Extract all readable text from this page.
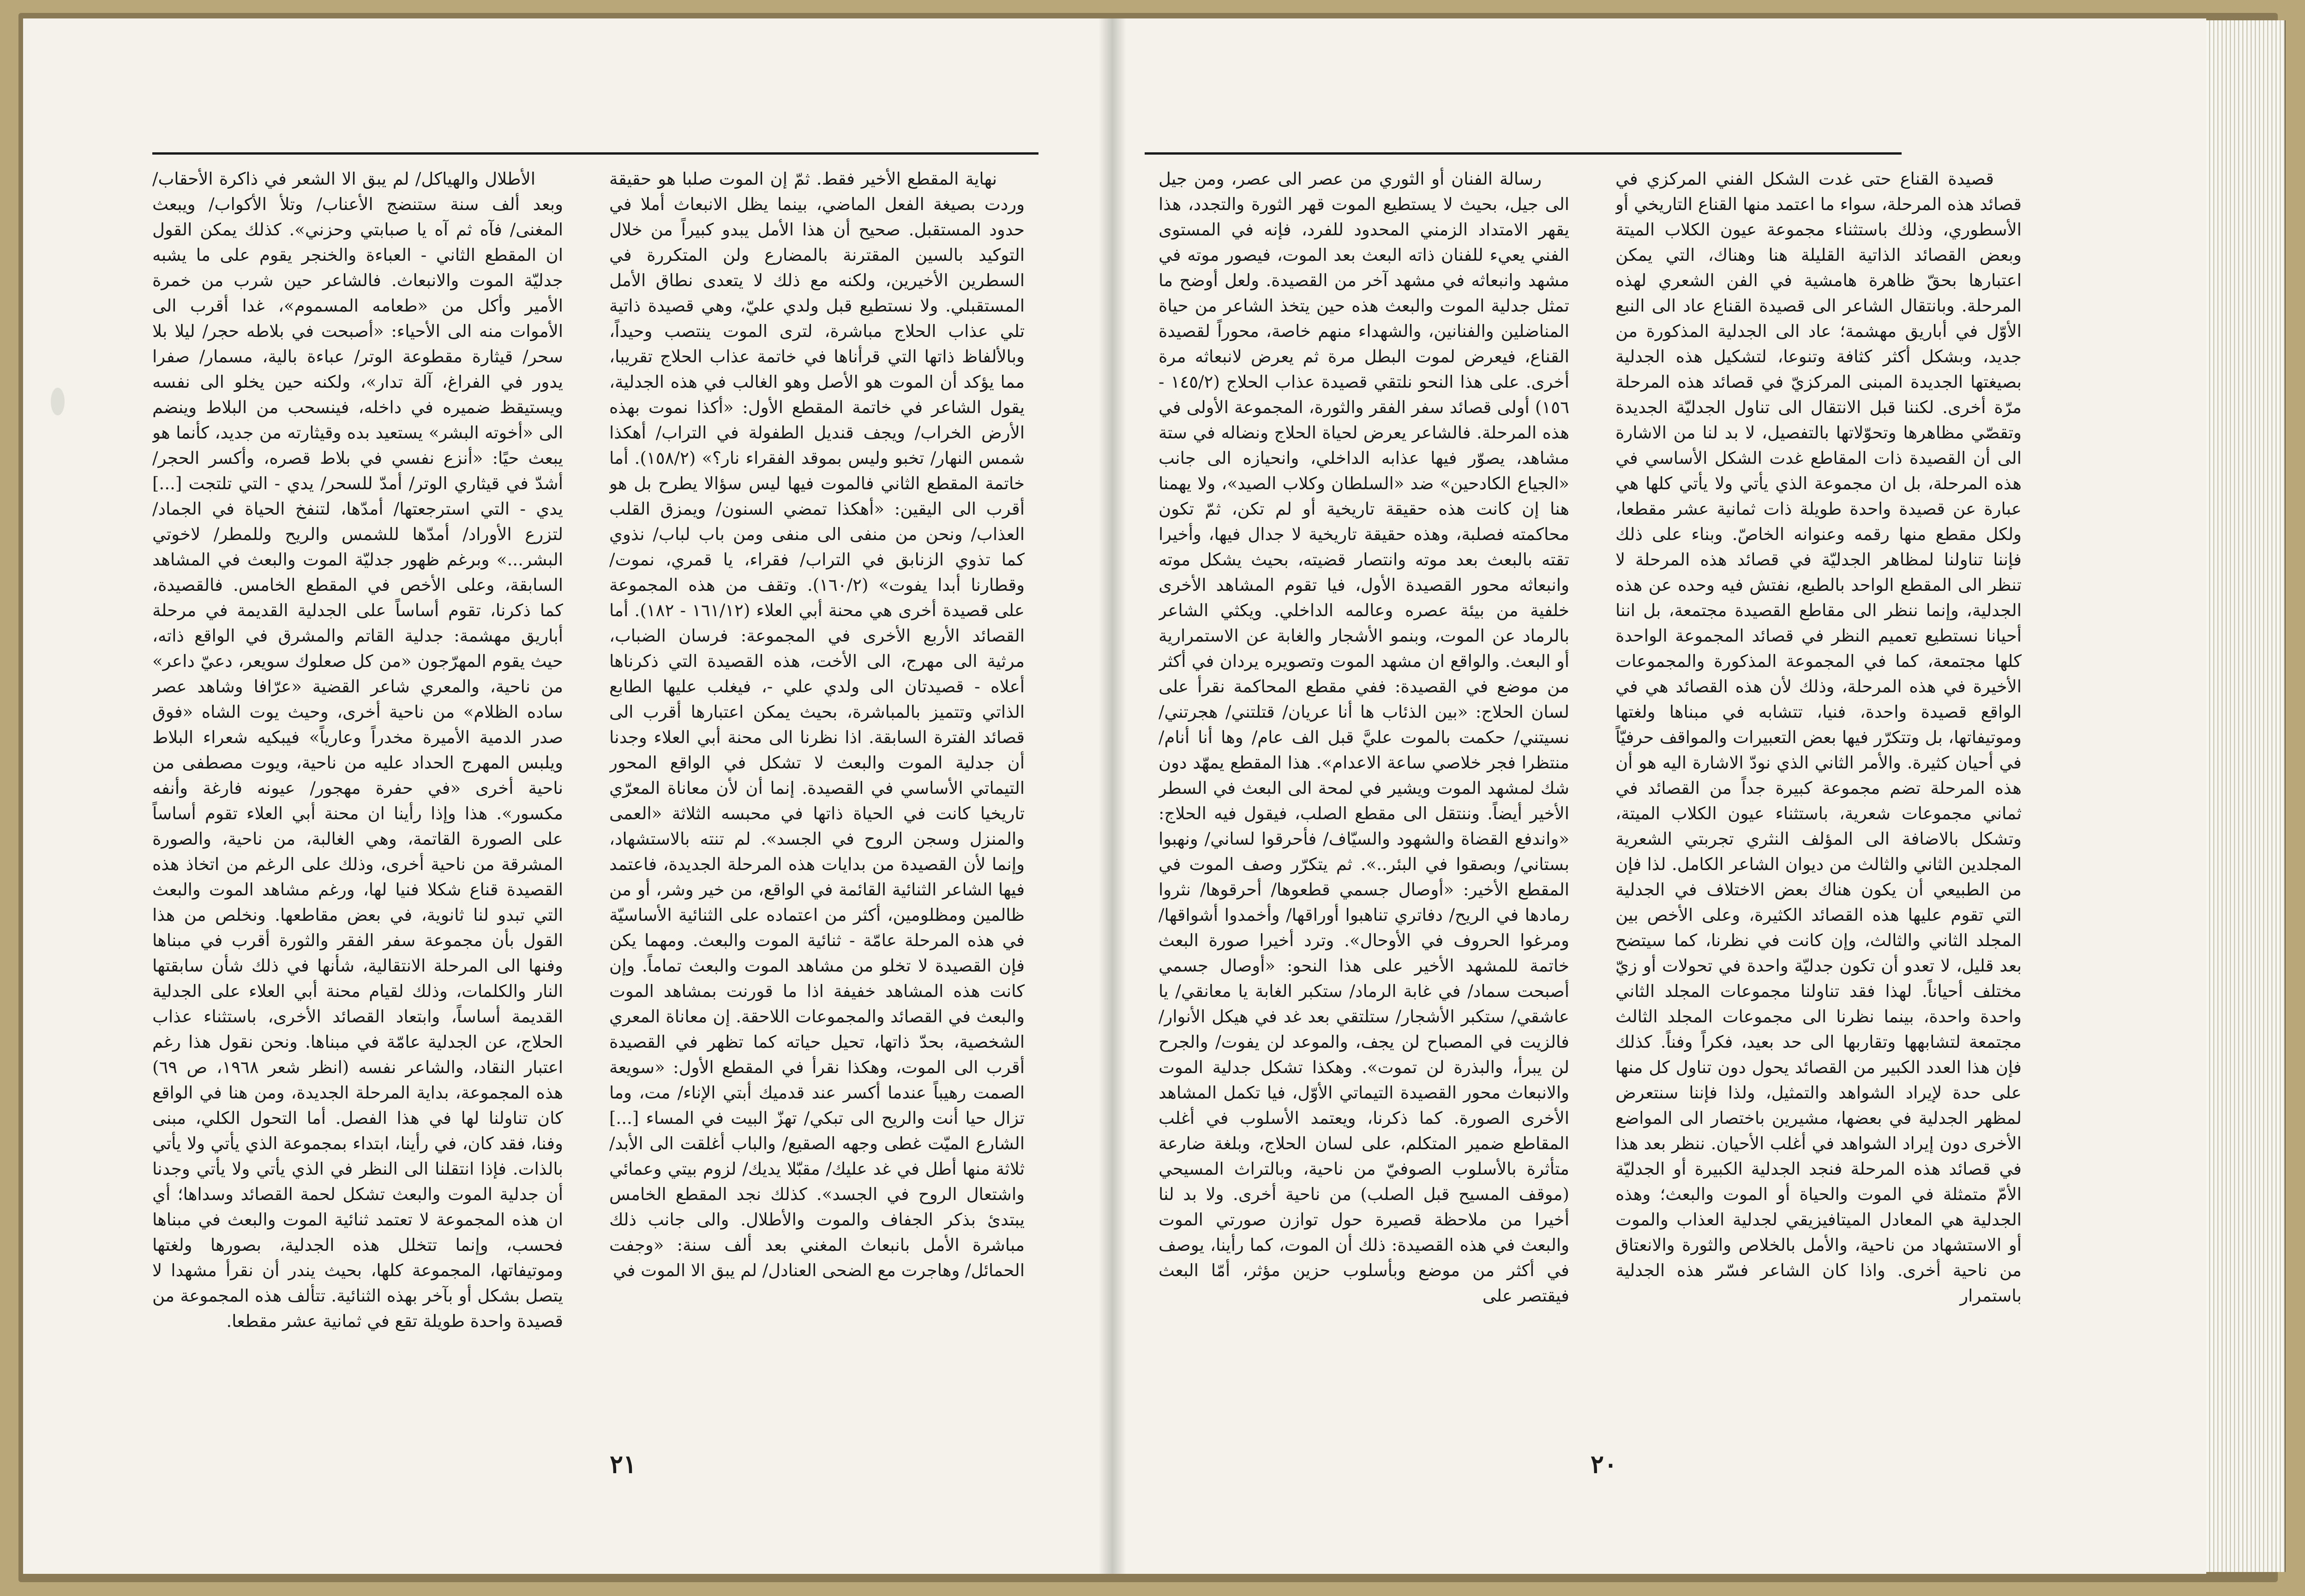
الأطلال والهياكل/ لم يبق الا الشعر في ذاكرة الأحقاب/ وبعد ألف سنة ستنضج الأعناب/ وتلأ الأكواب/ ويبعث المغنى/ فآه ثم آه يا صبابتي وحزني». كذلك يمكن القول ان المقطع الثاني - العباءة والخنجر يقوم على ما يشبه جدليّة الموت والانبعاث. فالشاعر حين شرب من خمرة الأمير وأكل من «طعامه المسموم»، غدا أقرب الى الأموات منه الى الأحياء: «أصبحت في بلاطه حجر/ ليلا بلا سحر/ قيثارة مقطوعة الوتر/ عباءة بالية، مسمار/ صفرا يدور في الفراغ، آلة تدار»، ولكنه حين يخلو الى نفسه ويستيقظ ضميره في داخله، فينسحب من البلاط وينضم الى «أخوته البشر» يستعيد بده وقيثارته من جديد، كأنما هو يبعث حيًا: «أنزع نفسي في بلاط قصره، وأكسر الحجر/ أشدّ في قيثاري الوتر/ أمدّ للسحر/ يدي - التي تلتجت [...] يدي - التي استرجعتها/ أمدّها، لتنفخ الحياة في الجماد/ لتزرع الأوراد/ أمدّها للشمس والريح وللمطر/ لاخوتي البشر...» وبرغم ظهور جدليّة الموت والبعث في المشاهد السابقة، وعلى الأخص في المقطع الخامس. فالقصيدة، كما ذكرنا، تقوم أساساً على الجدلية القديمة في مرحلة أباريق مهشمة: جدلية القاتم والمشرق في الواقع ذاته، حيث يقوم المهرّجون «من كل صعلوك سويعر، دعيّ داعر» من ناحية، والمعري شاعر القضية «عرّافا وشاهد عصر ساده الظلام» من ناحية أخرى، وحيث يوت الشاه «فوق صدر الدمية الأميرة مخدراً وعارياً» فيبكيه شعراء البلاط ويلبس المهرج الحداد عليه من ناحية، ويوت مصطفى من ناحية أخرى «في حفرة مهجور/ عيونه فارغة وأنفه مكسور». هذا وإذا رأينا ان محنة أبي العلاء تقوم أساساً على الصورة القاتمة، وهي الغالبة، من ناحية، والصورة المشرقة من ناحية أخرى، وذلك على الرغم من اتخاذ هذه القصيدة قناع شكلا فنيا لها، ورغم مشاهد الموت والبعث التي تبدو لنا ثانوية، في بعض مقاطعها. ونخلص من هذا القول بأن مجموعة سفر الفقر والثورة أقرب في مبناها وفنها الى المرحلة الانتقالية، شأنها في ذلك شأن سابقتها النار والكلمات، وذلك لقيام محنة أبي العلاء على الجدلية القديمة أساساً، وابتعاد القصائد الأخرى، باستثناء عذاب الحلاج، عن الجدلية عامّة في مبناها. ونحن نقول هذا رغم اعتبار النقاد، والشاعر نفسه (انظر شعر ١٩٦٨، ص ٦٩) هذه المجموعة، بداية المرحلة الجديدة، ومن هنا في الواقع كان تناولنا لها في هذا الفصل. أما التحول الكلي، مبنى وفنا، فقد كان، في رأينا، ابتداء بمجموعة الذي يأتي ولا يأتي بالذات. فإذا انتقلنا الى النظر في الذي يأتي ولا يأتي وجدنا أن جدلية الموت والبعث تشكل لحمة القصائد وسداها؛ أي ان هذه المجموعة لا تعتمد ثنائية الموت والبعث في مبناها فحسب، وإنما تتخلل هذه الجدلية، بصورها ولغتها وموتيفاتها، المجموعة كلها، بحيث يندر أن نقرأ مشهدا لا يتصل بشكل أو بآخر بهذه الثنائية. تتألف هذه المجموعة من قصيدة واحدة طويلة تقع في ثمانية عشر مقطعا.

نهاية المقطع الأخير فقط. ثمّ إن الموت صلبا هو حقيقة وردت بصيغة الفعل الماضي، بينما يظل الانبعاث أملا في حدود المستقبل. صحيح أن هذا الأمل يبدو كبيراً من خلال التوكيد بالسين المقترنة بالمضارع ولن المتكررة في السطرين الأخيرين، ولكنه مع ذلك لا يتعدى نطاق الأمل المستقبلي. ولا نستطيع قبل ولدي عليّ، وهي قصيدة ذاتية تلي عذاب الحلاج مباشرة، لترى الموت ينتصب وحيداً، وبالألفاظ ذاتها التي قرأناها في خاتمة عذاب الحلاج تقريبا، مما يؤكد أن الموت هو الأصل وهو الغالب في هذه الجدلية، يقول الشاعر في خاتمة المقطع الأول: «أكذا نموت بهذه الأرض الخراب/ ويجف قنديل الطفولة في التراب/ أهكذا شمس النهار/ تخبو وليس بموقد الفقراء نار؟» (١٥٨/٢). أما خاتمة المقطع الثاني فالموت فيها ليس سؤالا يطرح بل هو أقرب الى اليقين: «أهكذا تمضي السنون/ ويمزق القلب العذاب/ ونحن من منفى الى منفى ومن باب لباب/ نذوي كما تذوي الزنابق في التراب/ فقراء، يا قمري، نموت/ وقطارنا أبدا يفوت» (١٦٠/٢). وتقف من هذه المجموعة على قصيدة أخرى هي محنة أبي العلاء (١٦١/١٢ - ١٨٢). أما القصائد الأربع الأخرى في المجموعة: فرسان الضباب، مرثية الى مهرج، الى الأخت، هذه القصيدة التي ذكرناها أعلاه - قصيدتان الى ولدي علي -، فيغلب عليها الطابع الذاتي وتتميز بالمباشرة، بحيث يمكن اعتبارها أقرب الى قصائد الفترة السابقة. اذا نظرنا الى محنة أبي العلاء وجدنا أن جدلية الموت والبعث لا تشكل في الواقع المحور التيماتي الأساسي في القصيدة. إنما أن لأن معاناة المعرّي تاريخيا كانت في الحياة ذاتها في محبسه الثلاثة «العمى والمنزل وسجن الروح في الجسد». لم تنته بالاستشهاد، وإنما لأن القصيدة من بدايات هذه المرحلة الجديدة، فاعتمد فيها الشاعر الثنائية القائمة في الواقع، من خير وشر، أو من ظالمين ومظلومين، أكثر من اعتماده على الثنائية الأساسيّة في هذه المرحلة عامّة - ثنائية الموت والبعث. ومهما يكن فإن القصيدة لا تخلو من مشاهد الموت والبعث تماماً. وإن كانت هذه المشاهد خفيفة اذا ما قورنت بمشاهد الموت والبعث في القصائد والمجموعات اللاحقة. إن معاناة المعري الشخصية، بحدّ ذاتها، تحيل حياته كما تظهر في القصيدة أقرب الى الموت، وهكذا نقرأ في المقطع الأول: «سويعة الصمت رهيباً عندما أكسر عند قدميك أبتي الإناء/ مت، وما تزال حيا أنت والريح الى تبكي/ تهزّ البيت في المساء [...] الشارع الميّت غطى وجهه الصقيع/ والباب أغلقت الى الأبد/ ثلاثة منها أطل في غد عليك/ مقبّلا يديك/ لزوم بيتي وعمائي واشتعال الروح في الجسد». كذلك نجد المقطع الخامس يبتدئ بذكر الجفاف والموت والأطلال. والى جانب ذلك مباشرة الأمل بانبعاث المغني بعد ألف سنة: «وجفت الحمائل/ وهاجرت مع الضحى العنادل/ لم يبق الا الموت في

٢١

رسالة الفنان أو الثوري من عصر الى عصر، ومن جيل الى جيل، بحيث لا يستطيع الموت قهر الثورة والتجدد، هذا يقهر الامتداد الزمني المحدود للفرد، فإنه في المستوى الفني يعيء للفنان ذاته البعث بعد الموت، فيصور موته في مشهد وانبعاثه في مشهد آخر من القصيدة. ولعل أوضح ما تمثل جدلية الموت والبعث هذه حين يتخذ الشاعر من حياة المناضلين والفنانين، والشهداء منهم خاصة، محوراً لقصيدة القناع، فيعرض لموت البطل مرة ثم يعرض لانبعاثه مرة أخرى. على هذا النحو نلتقي قصيدة عذاب الحلاج (١٤٥/٢ - ١٥٦) أولى قصائد سفر الفقر والثورة، المجموعة الأولى في هذه المرحلة. فالشاعر يعرض لحياة الحلاج ونضاله في ستة مشاهد، يصوّر فيها عذابه الداخلي، وانحيازه الى جانب «الجياع الكادحين» ضد «السلطان وكلاب الصيد»، ولا يهمنا هنا إن كانت هذه حقيقة تاريخية أو لم تكن، ثمّ تكون محاكمته فصلبة، وهذه حقيقة تاريخية لا جدال فيها، وأخيرا تقته بالبعث بعد موته وانتصار قضيته، بحيث يشكل موته وانبعاثه محور القصيدة الأول، فيا تقوم المشاهد الأخرى خلفية من بيئة عصره وعالمه الداخلي. ويكثي الشاعر بالرماد عن الموت، وبنمو الأشجار والغابة عن الاستمرارية أو البعث. والواقع ان مشهد الموت وتصويره يردان في أكثر من موضع في القصيدة: ففي مقطع المحاكمة نقرأ على لسان الحلاج: «بين الذئاب ها أنا عريان/ قتلتني/ هجرتني/ نسيتني/ حكمت بالموت عليَّ قبل الف عام/ وها أنا أنام/ منتظرا فجر خلاصي ساعة الاعدام». هذا المقطع يمهّد دون شك لمشهد الموت ويشير في لمحة الى البعث في السطر الأخير أيضاً. وننتقل الى مقطع الصلب، فيقول فيه الحلاج: «واندفع القضاة والشهود والسيّاف/ فأحرقوا لساني/ ونهبوا بستاني/ وبصقوا في البئر..». ثم يتكرّر وصف الموت في المقطع الأخير: «أوصال جسمي قطعوها/ أحرقوها/ نثروا رمادها في الريح/ دفاتري تناهبوا أوراقها/ وأخمدوا أشواقها/ ومرغوا الحروف في الأوحال». وترد أخيرا صورة البعث خاتمة للمشهد الأخير على هذا النحو: «أوصال جسمي أصبحت سماد/ في غابة الرماد/ ستكبر الغابة يا معانقي/ يا عاشقي/ ستكبر الأشجار/ ستلتقي بعد غد في هيكل الأنوار/ فالزيت في المصباح لن يجف، والموعد لن يفوت/ والجرح لن يبرأ، والبذرة لن تموت». وهكذا تشكل جدلية الموت والانبعاث محور القصيدة التيماتي الأوّل، فيا تكمل المشاهد الأخرى الصورة. كما ذكرنا، ويعتمد الأسلوب في أغلب المقاطع ضمير المتكلم، على لسان الحلاج، وبلغة ضارعة متأثرة بالأسلوب الصوفيّ من ناحية، وبالتراث المسيحي (موقف المسيح قبل الصلب) من ناحية أخرى. ولا بد لنا أخيرا من ملاحظة قصيرة حول توازن صورتي الموت والبعث في هذه القصيدة: ذلك أن الموت، كما رأينا، يوصف في أكثر من موضع وبأسلوب حزين مؤثر، أمّا البعث فيقتصر على

قصيدة القناع حتى غدت الشكل الفني المركزي في قصائد هذه المرحلة، سواء ما اعتمد منها القناع التاريخي أو الأسطوري، وذلك باستثناء مجموعة عيون الكلاب الميتة وبعض القصائد الذاتية القليلة هنا وهناك، التي يمكن اعتبارها بحقّ ظاهرة هامشية في الفن الشعري لهذه المرحلة. وبانتقال الشاعر الى قصيدة القناع عاد الى النبع الأوّل في أباريق مهشمة؛ عاد الى الجدلية المذكورة من جديد، وبشكل أكثر كثافة وتنوعا، لتشكيل هذه الجدلية بصيغتها الجديدة المبنى المركزيّ في قصائد هذه المرحلة مرّة أخرى. لكننا قبل الانتقال الى تناول الجدليّة الجديدة وتقصّي مظاهرها وتحوّلاتها بالتفصيل، لا بد لنا من الاشارة الى أن القصيدة ذات المقاطع غدت الشكل الأساسي في هذه المرحلة، بل ان مجموعة الذي يأتي ولا يأتي كلها هي عبارة عن قصيدة واحدة طويلة ذات ثمانية عشر مقطعا، ولكل مقطع منها رقمه وعنوانه الخاصّ. وبناء على ذلك فإننا تناولنا لمظاهر الجدليّة في قصائد هذه المرحلة لا تنظر الى المقطع الواحد بالطبع، نفتش فيه وحده عن هذه الجدلية، وإنما ننظر الى مقاطع القصيدة مجتمعة، بل اننا أحيانا نستطيع تعميم النظر في قصائد المجموعة الواحدة كلها مجتمعة، كما في المجموعة المذكورة والمجموعات الأخيرة في هذه المرحلة، وذلك لأن هذه القصائد هي في الواقع قصيدة واحدة، فنيا، تتشابه في مبناها ولغتها وموتيفاتها، بل وتتكرّر فيها بعض التعبيرات والمواقف حرفيّاً في أحيان كثيرة. والأمر الثاني الذي نودّ الاشارة اليه هو أن هذه المرحلة تضم مجموعة كبيرة جداً من القصائد في ثماني مجموعات شعرية، باستثناء عيون الكلاب الميتة، وتشكل بالاضافة الى المؤلف النثري تجربتي الشعرية المجلدين الثاني والثالث من ديوان الشاعر الكامل. لذا فإن من الطبيعي أن يكون هناك بعض الاختلاف في الجدلية التي تقوم عليها هذه القصائد الكثيرة، وعلى الأخص بين المجلد الثاني والثالث، وإن كانت في نظرنا، كما سيتضح بعد قليل، لا تعدو أن تكون جدليّة واحدة في تحولات أو زيّ مختلف أحياناً. لهذا فقد تناولنا مجموعات المجلد الثاني واحدة واحدة، بينما نظرنا الى مجموعات المجلد الثالث مجتمعة لتشابهها وتقاربها الى حد بعيد، فكراً وفناً. كذلك فإن هذا العدد الكبير من القصائد يحول دون تناول كل منها على حدة لإيراد الشواهد والتمثيل، ولذا فإننا سنتعرض لمظهر الجدلية في بعضها، مشيرين باختصار الى المواضع الأخرى دون إيراد الشواهد في أغلب الأحيان. ننظر بعد هذا في قصائد هذه المرحلة فنجد الجدلية الكبيرة أو الجدليّة الأمّ متمثلة في الموت والحياة أو الموت والبعث؛ وهذه الجدلية هي المعادل الميتافيزيقي لجدلية العذاب والموت أو الاستشهاد من ناحية، والأمل بالخلاص والثورة والانعتاق من ناحية أخرى. واذا كان الشاعر فسّر هذه الجدلية باستمرار

٢٠
